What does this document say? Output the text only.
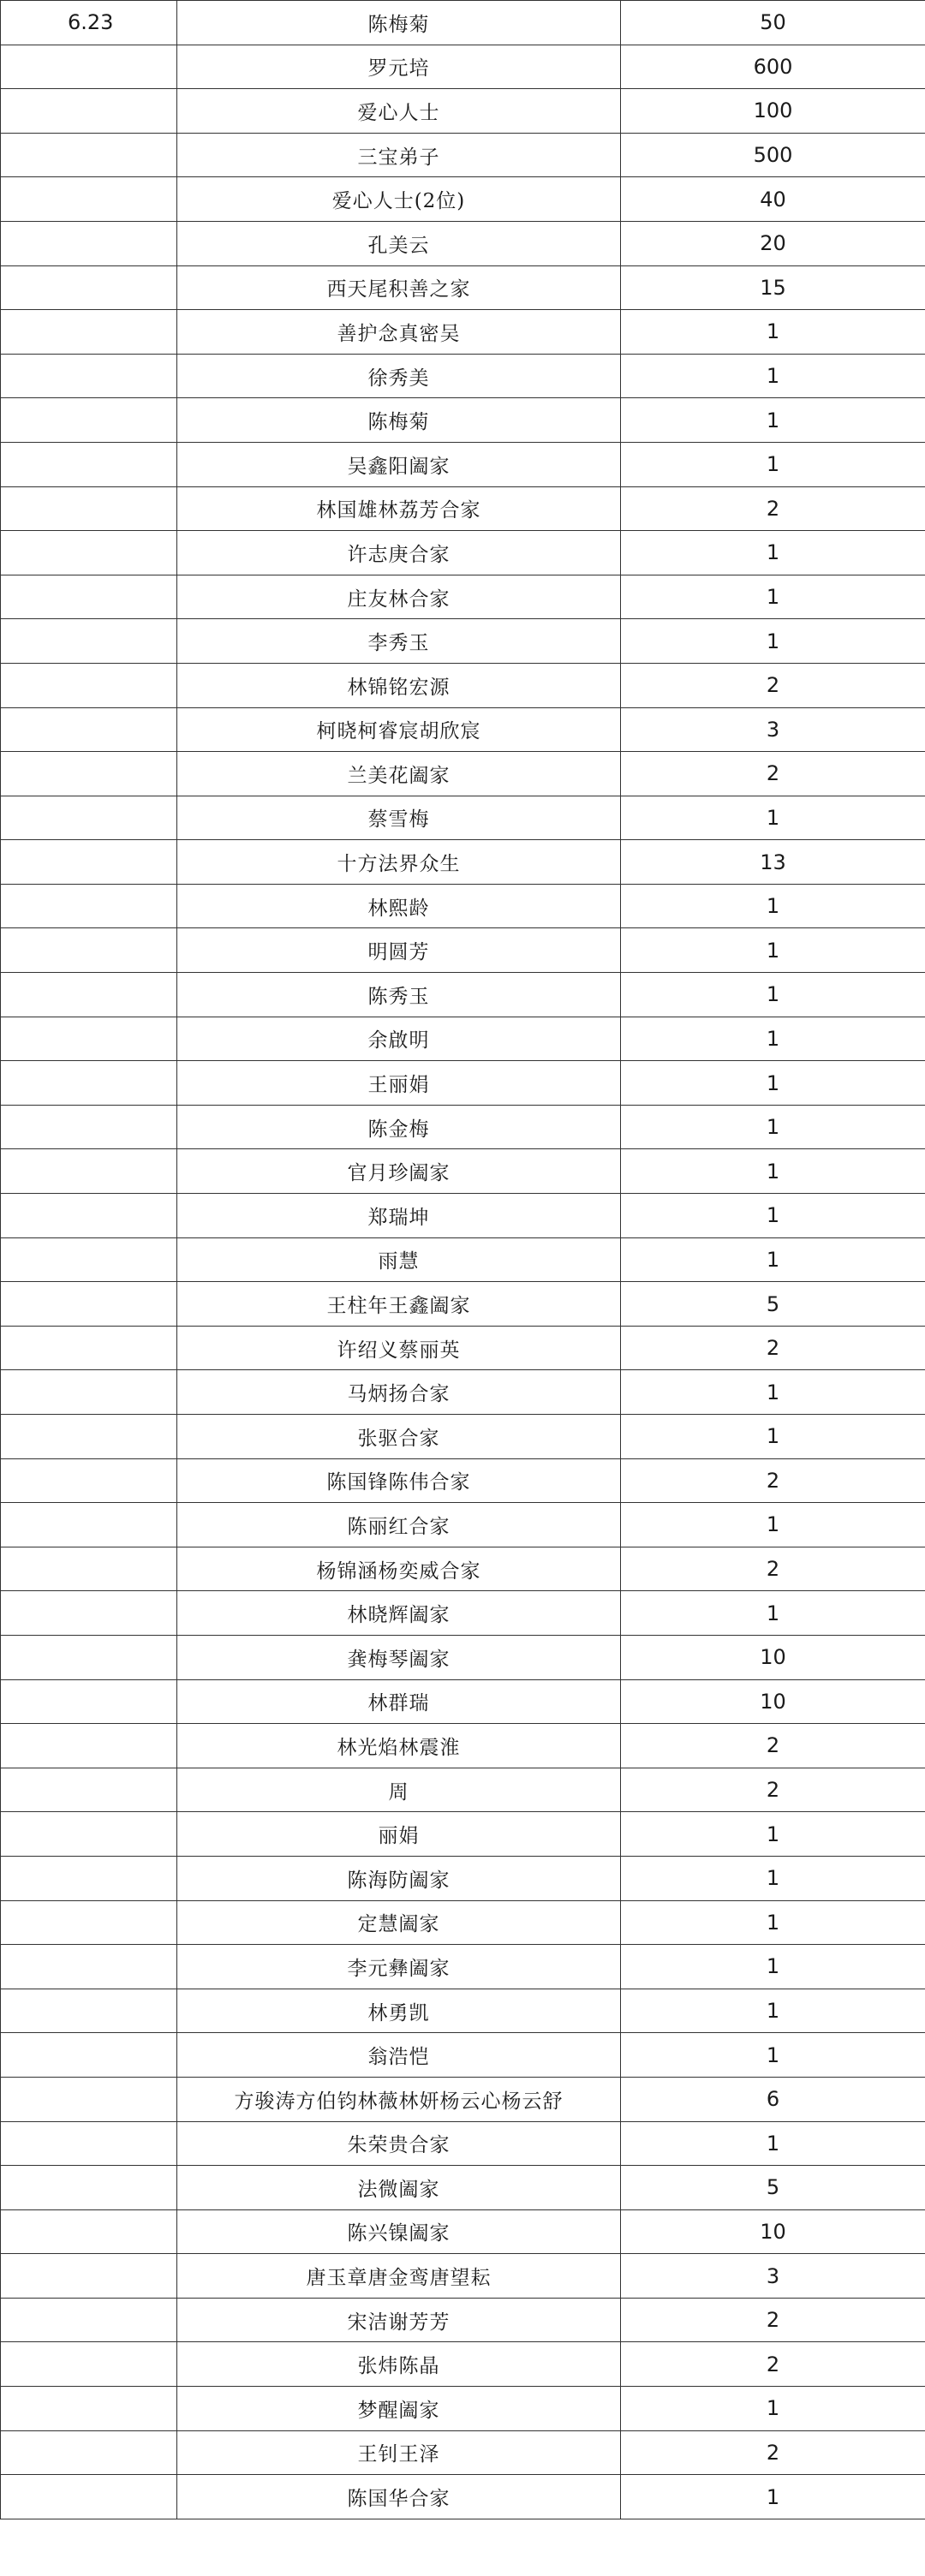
6.23	陈梅菊	50
	罗元培	600
	爱心人士	100
	三宝弟子	500
	爱心人士(2位)	40
	孔美云	20
	西天尾积善之家	15
	善护念真密吴	1
	徐秀美	1
	陈梅菊	1
	吴鑫阳阖家	1
	林国雄林荔芳合家	2
	许志庚合家	1
	庄友林合家	1
	李秀玉	1
	林锦铭宏源	2
	柯晓柯睿宸胡欣宸	3
	兰美花阖家	2
	蔡雪梅	1
	十方法界众生	13
	林熙龄	1
	明圆芳	1
	陈秀玉	1
	余啟明	1
	王丽娟	1
	陈金梅	1
	官月珍阖家	1
	郑瑞坤	1
	雨慧	1
	王柱年王鑫阖家	5
	许绍义蔡丽英	2
	马炳扬合家	1
	张驱合家	1
	陈国锋陈伟合家	2
	陈丽红合家	1
	杨锦涵杨奕威合家	2
	林晓辉阖家	1
	龚梅琴阖家	10
	林群瑞	10
	林光焰林震淮	2
	周	2
	丽娟	1
	陈海防阖家	1
	定慧阖家	1
	李元彝阖家	1
	林勇凯	1
	翁浩恺	1
	方骏涛方伯钧林薇林妍杨云心杨云舒	6
	朱荣贵合家	1
	法微阖家	5
	陈兴镍阖家	10
	唐玉章唐金鸾唐望耘	3
	宋洁谢芳芳	2
	张炜陈晶	2
	梦醒阖家	1
	王钊王泽	2
	陈国华合家	1
